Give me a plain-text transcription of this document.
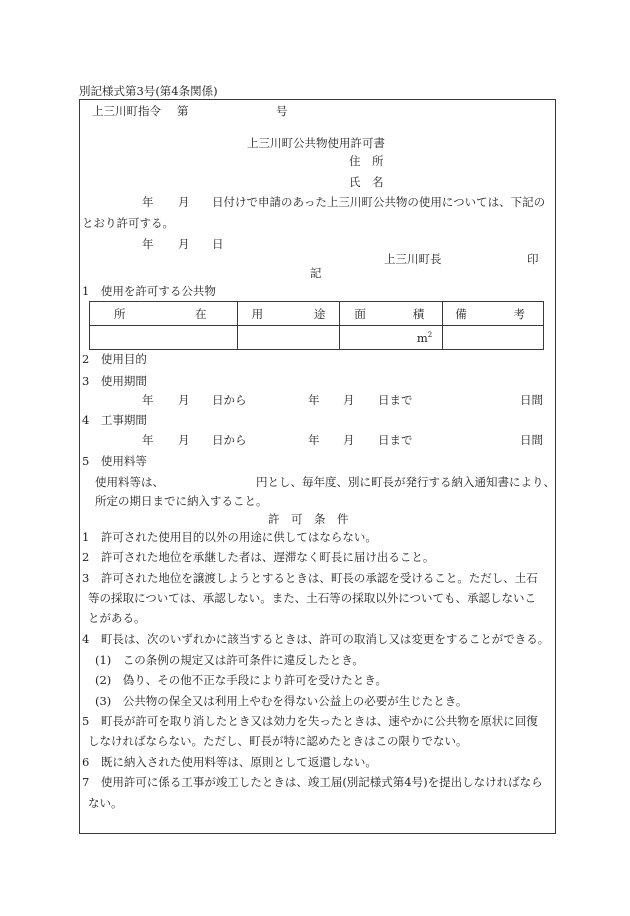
別記様式第3号(第4条関係)
上三川町指令 第	号
上三川町公共物使用許可書
住　所
氏　名
年 月 日付けで申請のあった上三川町公共物の使用については、下記の
とおり許可する。
年 月 日
上三川町長	印
記
1　使用を許可する公共物
所 在	用 途	面 積	備 考

		$m^2$	
2　使用目的
3　使用期間
年 月 日から	年 月 日まで	日間
4　工事期間
年 月 日から	年 月 日まで	日間
5　使用料等
使用料等は、	円とし、毎年度、別に町長が発行する納入通知書により、
所定の期日までに納入すること。
許　可　条　件
1　許可された使用目的以外の用途に供してはならない。
2　許可された地位を承継した者は、遅滞なく町長に届け出ること。
3　許可された地位を譲渡しようとするときは、町長の承認を受けること。ただし、土石
等の採取については、承認しない。また、土石等の採取以外についても、承認しないこ
とがある。
4　町長は、次のいずれかに該当するときは、許可の取消し又は変更をすることができる。
(1)　この条例の規定又は許可条件に違反したとき。
(2)　偽り、その他不正な手段により許可を受けたとき。
(3)　公共物の保全又は利用上やむを得ない公益上の必要が生じたとき。
5　町長が許可を取り消したとき又は効力を失ったときは、速やかに公共物を原状に回復
しなければならない。ただし、町長が特に認めたときはこの限りでない。
6　既に納入された使用料等は、原則として返還しない。
7　使用許可に係る工事が竣工したときは、竣工届(別記様式第4号)を提出しなければなら
ない。
